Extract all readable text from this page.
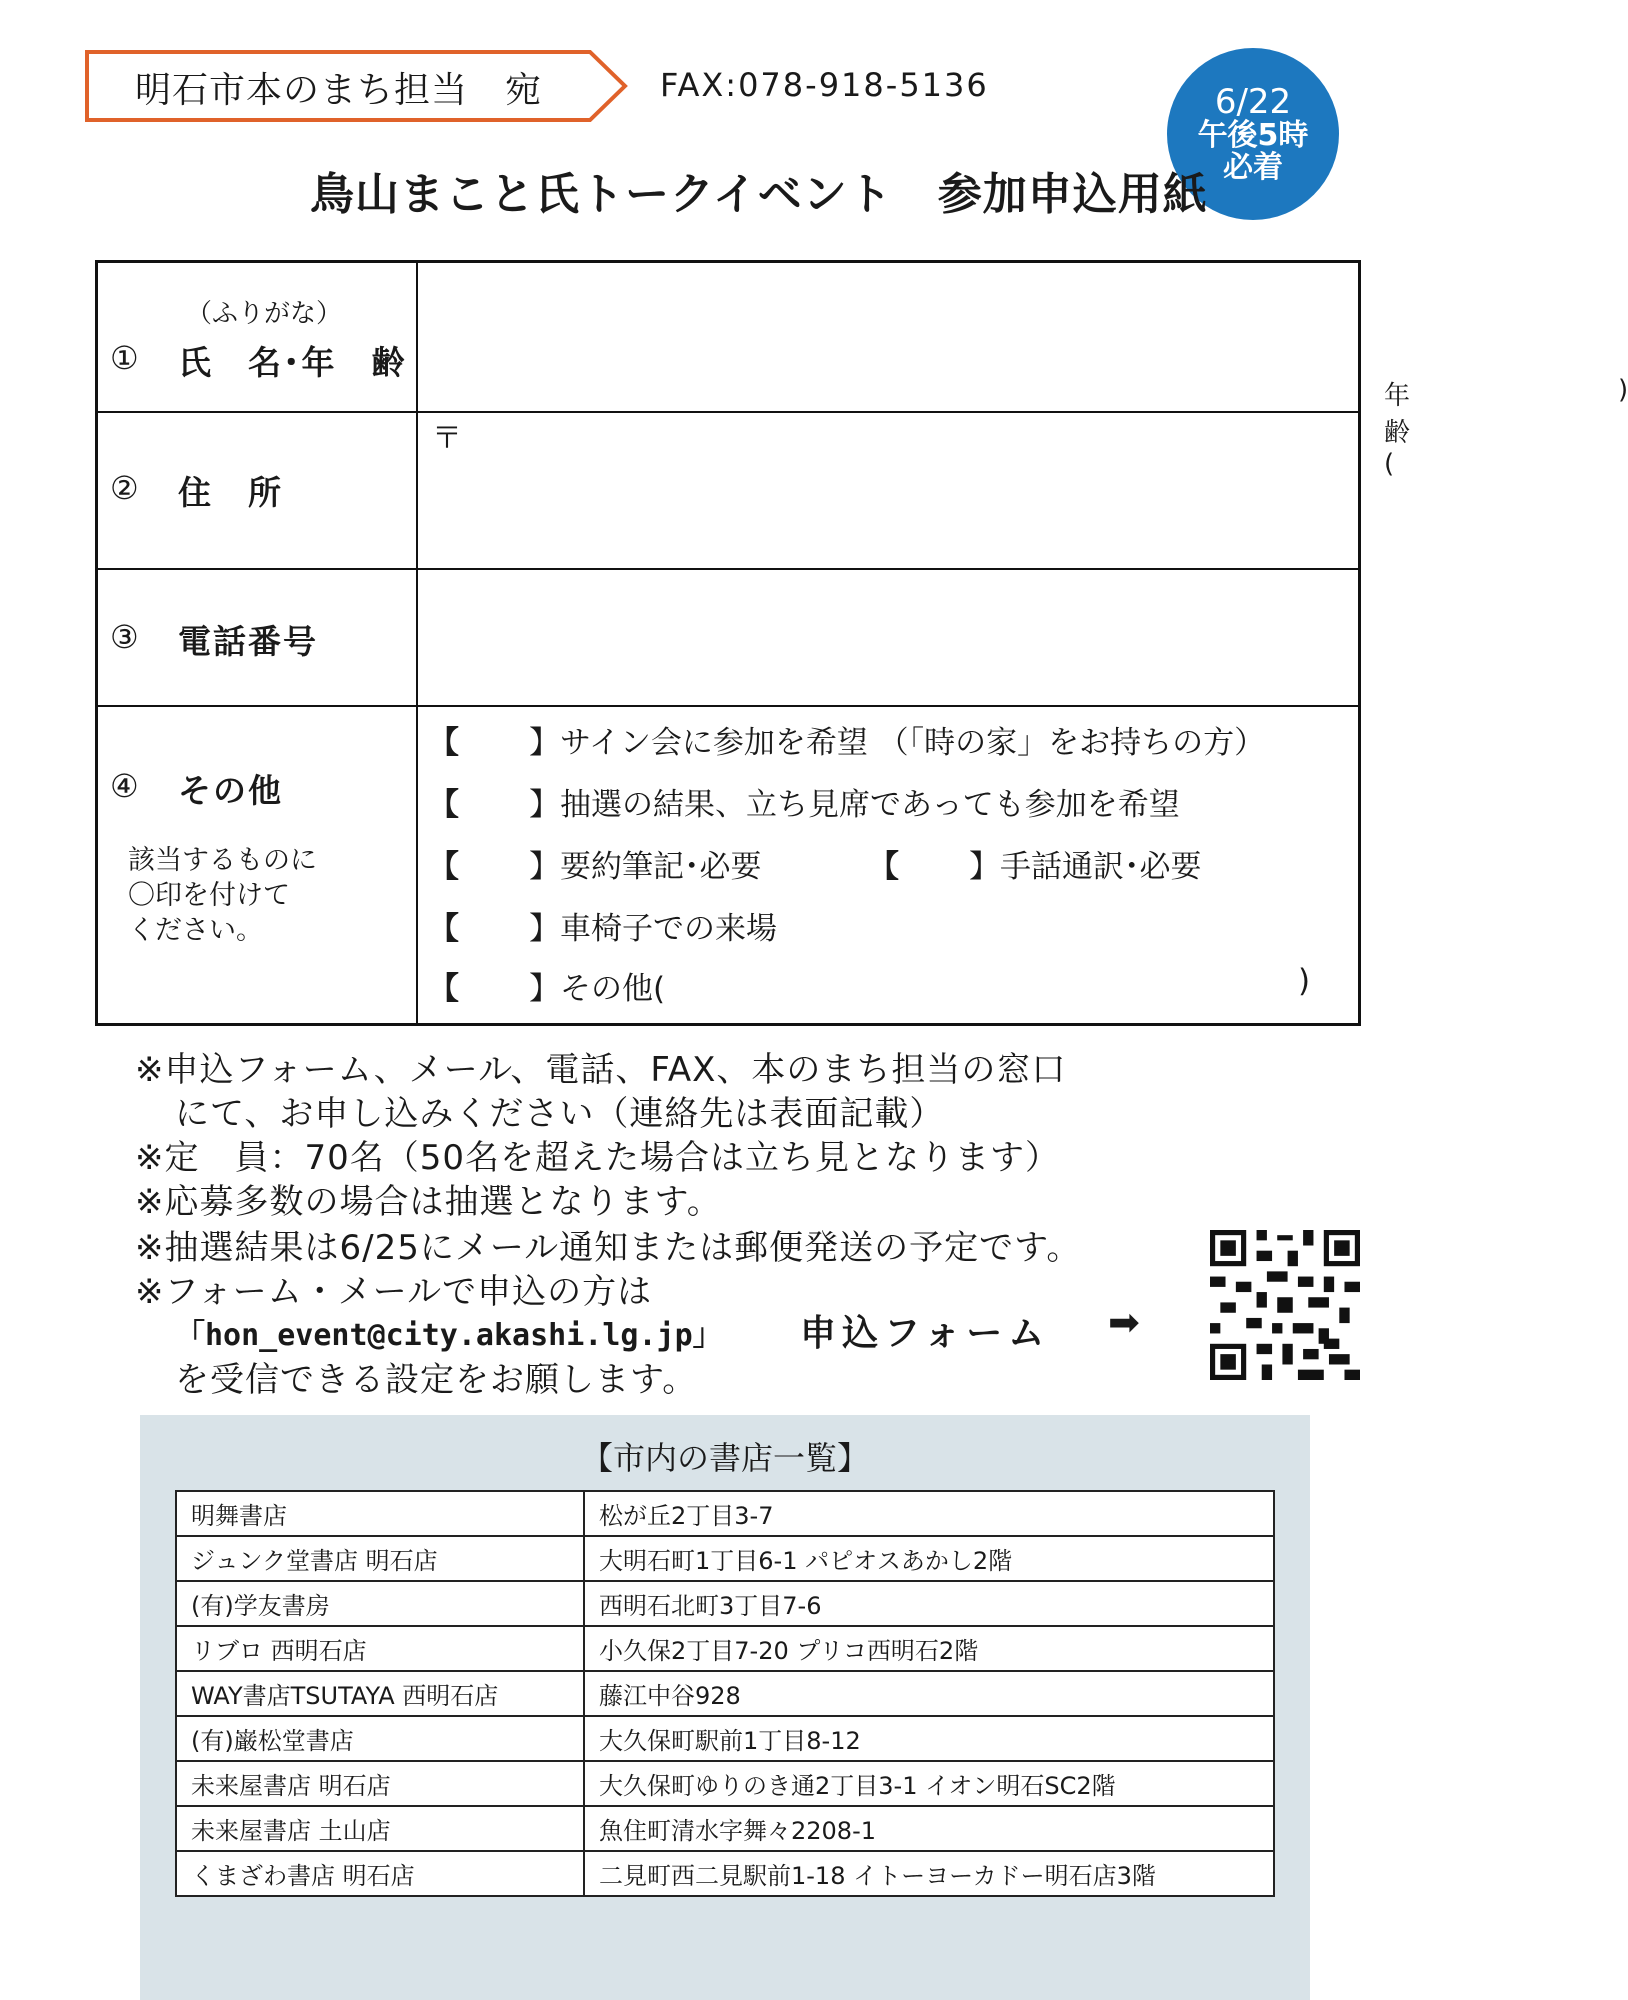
明石市本のまち担当　宛	FAX:078-918-5136	6/22
午後5時
必着
鳥山まこと氏トークイベント　参加申込用紙
（ふりがな）
① 氏　名･年　齢
年齢(
)
② 住　所
〒
③ 電話番号
④ その他
該当するものに
〇印を付けて
ください。
【 】サイン会に参加を希望 （「時の家」をお持ちの方）
【 】抽選の結果、立ち見席であっても参加を希望
【 】要約筆記･必要	【 】手話通訳･必要
【 】車椅子での来場
【 】その他(	)
※申込フォーム、メール、電話、FAX、本のまち担当の窓口
にて、お申し込みください（連絡先は表面記載）
※定　員：70名（50名を超えた場合は立ち見となります）
※応募多数の場合は抽選となります。
※抽選結果は6/25にメール通知または郵便発送の予定です。
※フォーム・メールで申込の方は
「hon_event@city.akashi.lg.jp」
を受信できる設定をお願します。
申込フォーム ➡
【市内の書店一覧】
明舞書店	松が丘2丁目3-7
ジュンク堂書店 明石店	大明石町1丁目6-1 パピオスあかし2階
(有)学友書房	西明石北町3丁目7-6
リブロ 西明石店	小久保2丁目7-20 プリコ西明石2階
WAY書店TSUTAYA 西明石店	藤江中谷928
(有)巌松堂書店	大久保町駅前1丁目8-12
未来屋書店 明石店	大久保町ゆりのき通2丁目3-1 イオン明石SC2階
未来屋書店 土山店	魚住町清水字舞々2208-1
くまざわ書店 明石店	二見町西二見駅前1-18 イトーヨーカドー明石店3階
